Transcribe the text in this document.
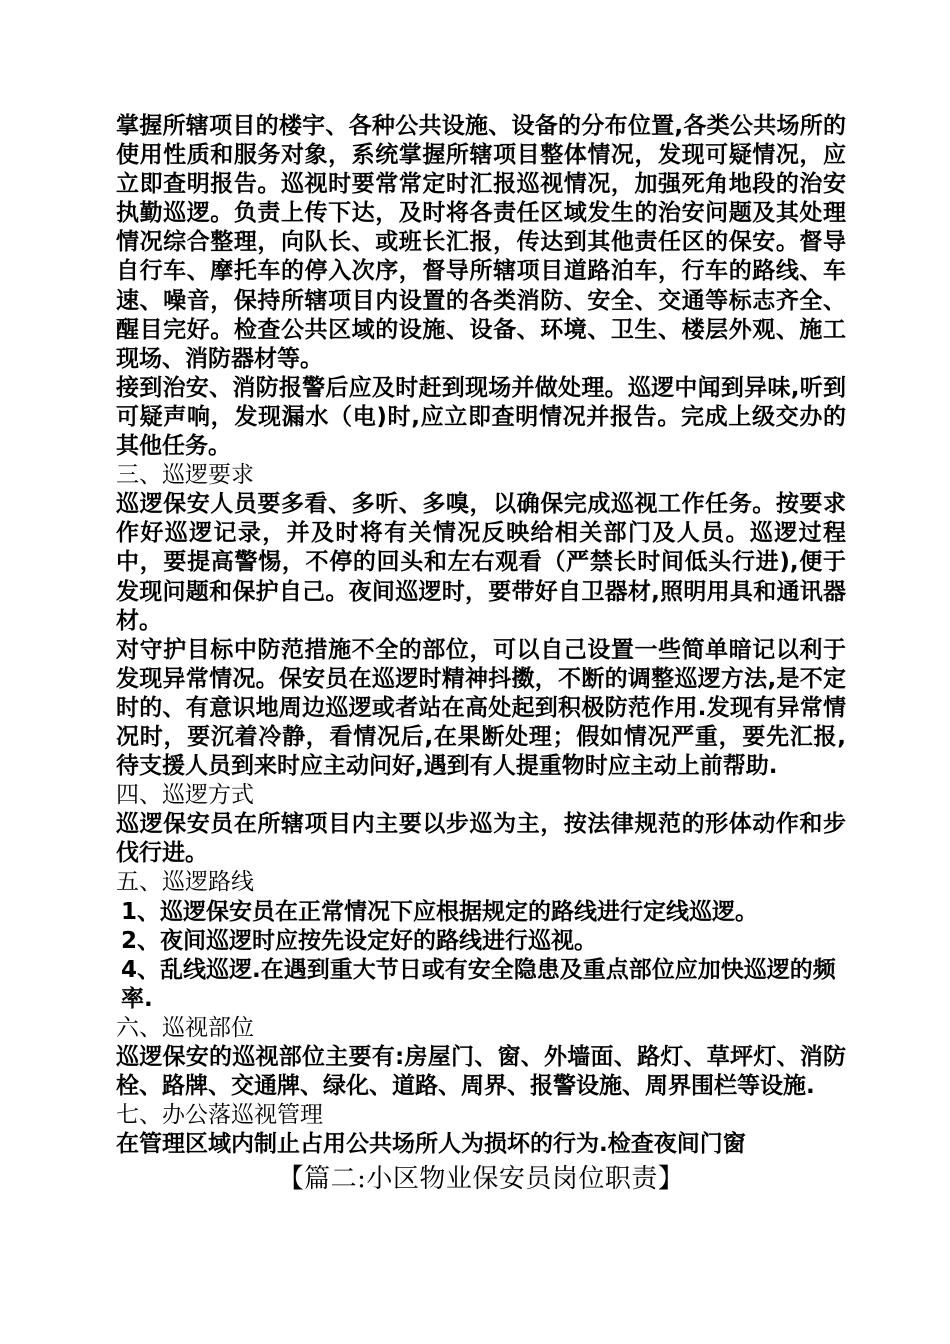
掌握所辖项目的楼宇、各种公共设施、设备的分布位置,各类公共场所的使用性质和服务对象，系统掌握所辖项目整体情况，发现可疑情况，应立即查明报告。巡视时要常常定时汇报巡视情况，加强死角地段的治安执勤巡逻。负责上传下达，及时将各责任区域发生的治安问题及其处理情况综合整理，向队长、或班长汇报，传达到其他责任区的保安。督导自行车、摩托车的停入次序，督导所辖项目道路泊车，行车的路线、车速、噪音，保持所辖项目内设置的各类消防、安全、交通等标志齐全、醒目完好。检查公共区域的设施、设备、环境、卫生、楼层外观、施工现场、消防器材等。

接到治安、消防报警后应及时赶到现场并做处理。巡逻中闻到异味,听到可疑声响，发现漏水（电)时,应立即查明情况并报告。完成上级交办的其他任务。

三、巡逻要求

巡逻保安人员要多看、多听、多嗅，以确保完成巡视工作任务。按要求作好巡逻记录，并及时将有关情况反映给相关部门及人员。巡逻过程中，要提高警惕，不停的回头和左右观看（严禁长时间低头行进),便于发现问题和保护自己。夜间巡逻时，要带好自卫器材,照明用具和通讯器材。

对守护目标中防范措施不全的部位，可以自己设置一些简单暗记以利于发现异常情况。保安员在巡逻时精神抖擞，不断的调整巡逻方法,是不定时的、有意识地周边巡逻或者站在高处起到积极防范作用.发现有异常情况时，要沉着冷静，看情况后,在果断处理；假如情况严重，要先汇报,待支援人员到来时应主动问好,遇到有人提重物时应主动上前帮助.

四、巡逻方式

巡逻保安员在所辖项目内主要以步巡为主，按法律规范的形体动作和步伐行进。

五、巡逻路线

1、巡逻保安员在正常情况下应根据规定的路线进行定线巡逻。

2、夜间巡逻时应按先设定好的路线进行巡视。

4、乱线巡逻.在遇到重大节日或有安全隐患及重点部位应加快巡逻的频率.

六、巡视部位

巡逻保安的巡视部位主要有:房屋门、窗、外墙面、路灯、草坪灯、消防栓、路牌、交通牌、绿化、道路、周界、报警设施、周界围栏等设施.

七、办公落巡视管理

在管理区域内制止占用公共场所人为损坏的行为.检查夜间门窗

【篇二:小区物业保安员岗位职责】
